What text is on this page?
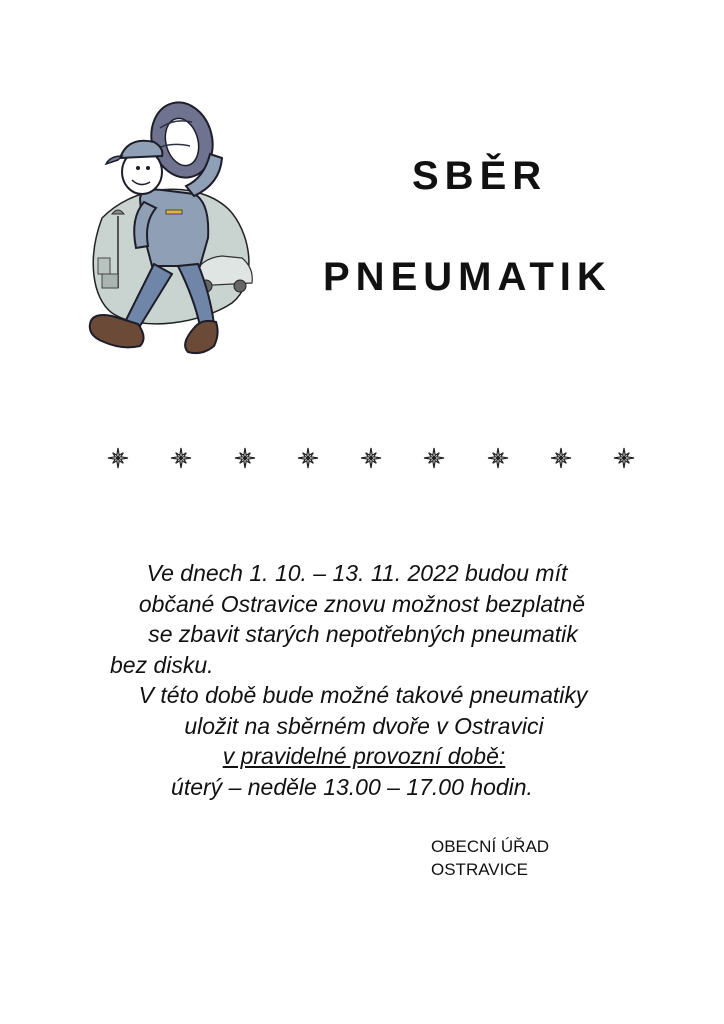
SBĚR
PNEUMATIK
Ve dnech 1. 10. – 13. 11. 2022 budou mít
občané Ostravice znovu možnost bezplatně
se zbavit starých nepotřebných pneumatik
bez disku.
V této době bude možné takové pneumatiky
uložit na sběrném dvoře v Ostravici
v pravidelné provozní době:
úterý – neděle 13.00 – 17.00 hodin.
OBECNÍ ÚŘAD
OSTRAVICE
